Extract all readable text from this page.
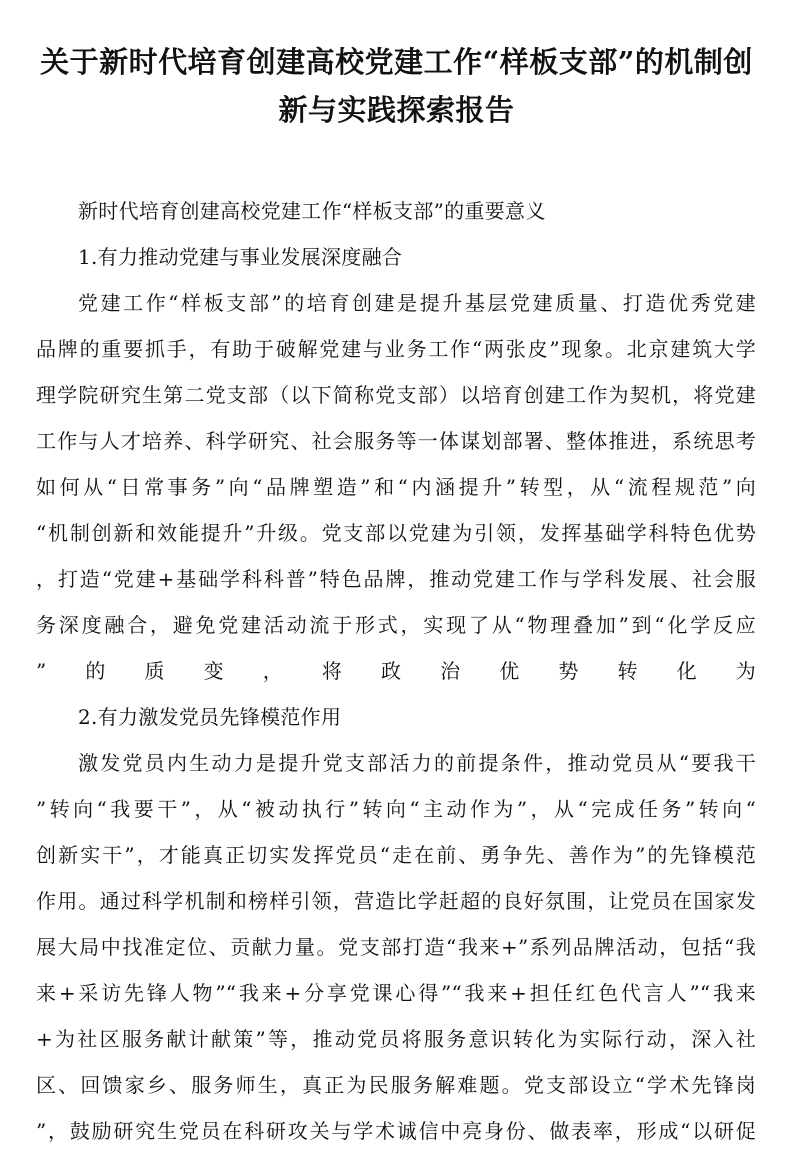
关于新时代培育创建高校党建工作“样板支部”的机制创新与实践探索报告
新时代培育创建高校党建工作“样板支部”的重要意义
1.有力推动党建与事业发展深度融合
党建工作“样板支部”的培育创建是提升基层党建质量、打造优秀党建
品牌的重要抓手，有助于破解党建与业务工作“两张皮”现象。北京建筑大学
理学院研究生第二党支部（以下简称党支部）以培育创建工作为契机，将党建
工作与人才培养、科学研究、社会服务等一体谋划部署、整体推进，系统思考
如何从“日常事务”向“品牌塑造”和“内涵提升”转型，从“流程规范”向
“机制创新和效能提升”升级。党支部以党建为引领，发挥基础学科特色优势
，打造“党建+基础学科科普”特色品牌，推动党建工作与学科发展、社会服
务深度融合，避免党建活动流于形式，实现了从“物理叠加”到“化学反应
”的质变，将政治优势转化为
2.有力激发党员先锋模范作用
激发党员内生动力是提升党支部活力的前提条件，推动党员从“要我干
”转向“我要干”，从“被动执行”转向“主动作为”，从“完成任务”转向“
创新实干”，才能真正切实发挥党员“走在前、勇争先、善作为”的先锋模范
作用。通过科学机制和榜样引领，营造比学赶超的良好氛围，让党员在国家发
展大局中找准定位、贡献力量。党支部打造“我来+”系列品牌活动，包括“我
来+采访先锋人物”“我来+分享党课心得”“我来+担任红色代言人”“我来
+为社区服务献计献策”等，推动党员将服务意识转化为实际行动，深入社
区、回馈家乡、服务师生，真正为民服务解难题。党支部设立“学术先锋岗
”，鼓励研究生党员在科研攻关与学术诚信中亮身份、做表率，形成“以研促
